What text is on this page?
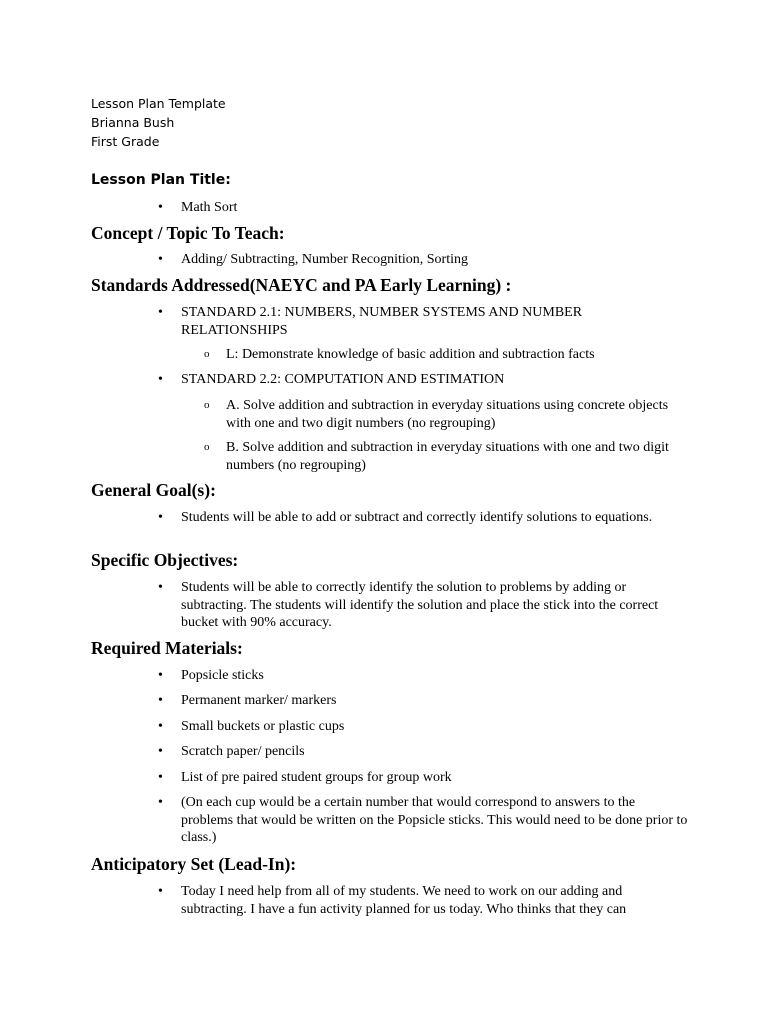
Lesson Plan Template
Brianna Bush
First Grade
Lesson Plan Title:
• Math Sort
Concept / Topic To Teach:
• Adding/ Subtracting, Number Recognition, Sorting
Standards Addressed(NAEYC and PA Early Learning) :
• STANDARD 2.1: NUMBERS, NUMBER SYSTEMS AND NUMBER RELATIONSHIPS
o L: Demonstrate knowledge of basic addition and subtraction facts
• STANDARD 2.2: COMPUTATION AND ESTIMATION
o A. Solve addition and subtraction in everyday situations using concrete objects with one and two digit numbers (no regrouping)
o B. Solve addition and subtraction in everyday situations with one and two digit numbers (no regrouping)
General Goal(s):
• Students will be able to add or subtract and correctly identify solutions to equations.
Specific Objectives:
• Students will be able to correctly identify the solution to problems by adding or subtracting. The students will identify the solution and place the stick into the correct bucket with 90% accuracy.
Required Materials:
• Popsicle sticks
• Permanent marker/ markers
• Small buckets or plastic cups
• Scratch paper/ pencils
• List of pre paired student groups for group work
• (On each cup would be a certain number that would correspond to answers to the problems that would be written on the Popsicle sticks. This would need to be done prior to class.)
Anticipatory Set (Lead-In):
• Today I need help from all of my students. We need to work on our adding and subtracting. I have a fun activity planned for us today. Who thinks that they can
